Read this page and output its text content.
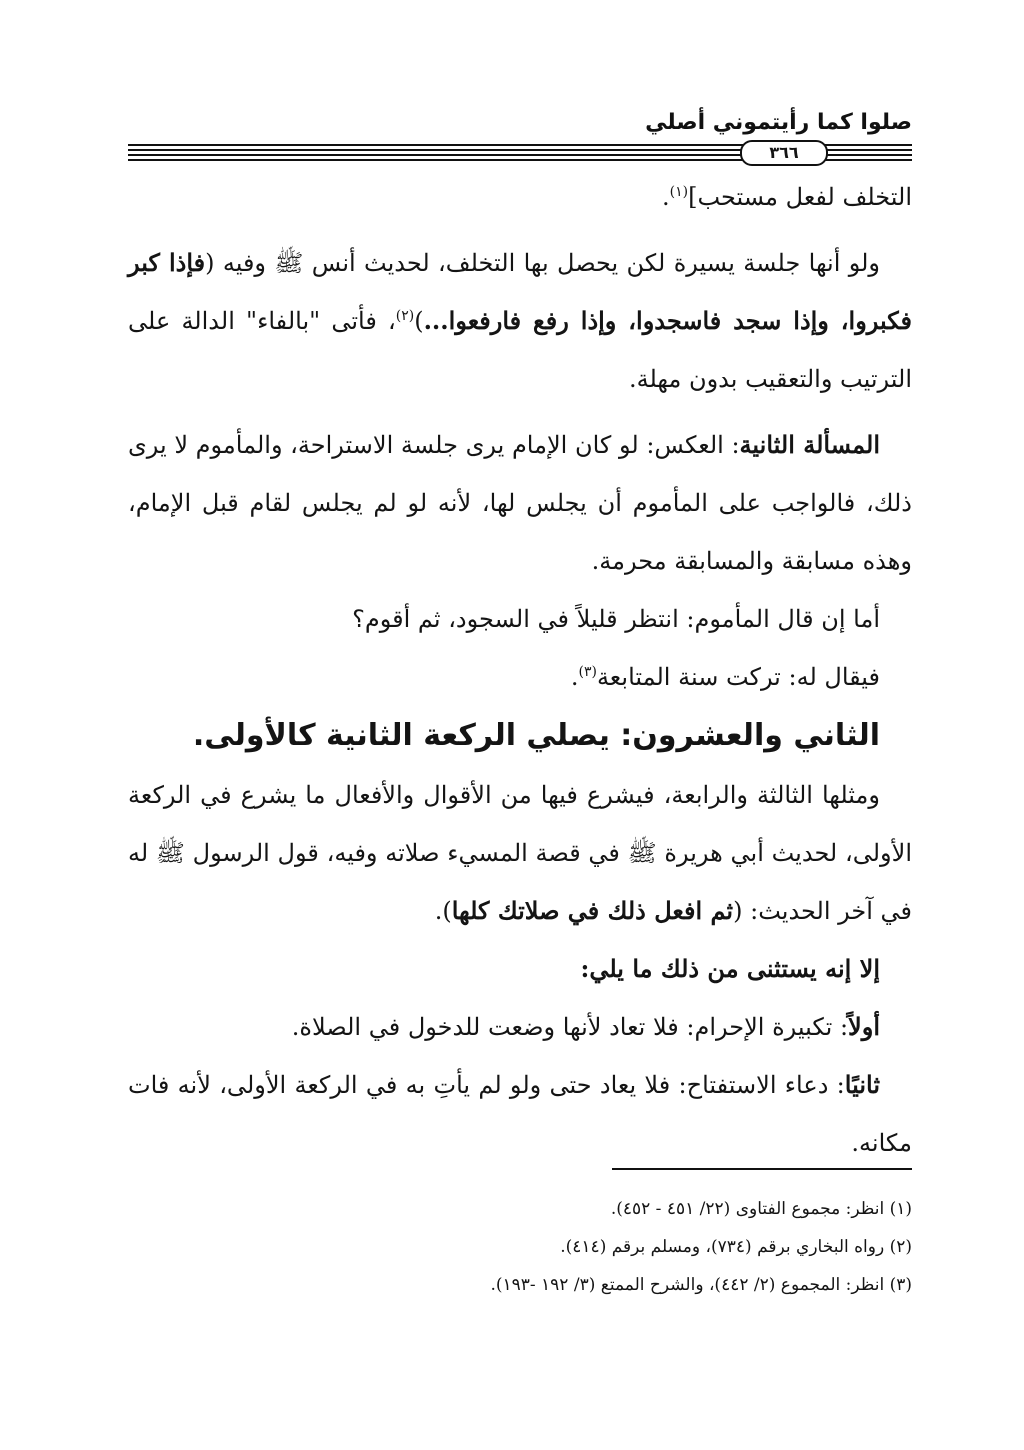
صلوا كما رأيتموني أصلي
٣٦٦

التخلف لفعل مستحب]$^{(١)}$.

ولو أنها جلسة يسيرة لكن يحصل بها التخلف، لحديث أنس ﷺ وفيه (فإذا كبر فكبروا، وإذا سجد فاسجدوا، وإذا رفع فارفعوا...)$^{(٢)}$، فأتى "بالفاء" الدالة على الترتيب والتعقيب بدون مهلة.

المسألة الثانية: العكس: لو كان الإمام يرى جلسة الاستراحة، والمأموم لا يرى ذلك، فالواجب على المأموم أن يجلس لها، لأنه لو لم يجلس لقام قبل الإمام، وهذه مسابقة والمسابقة محرمة.

أما إن قال المأموم: انتظر قليلاً في السجود، ثم أقوم؟

فيقال له: تركت سنة المتابعة$^{(٣)}$.

الثاني والعشرون: يصلي الركعة الثانية كالأولى.

ومثلها الثالثة والرابعة، فيشرع فيها من الأقوال والأفعال ما يشرع في الركعة الأولى، لحديث أبي هريرة ﷺ في قصة المسيء صلاته وفيه، قول الرسول ﷺ له في آخر الحديث: (ثم افعل ذلك في صلاتك كلها).

إلا إنه يستثنى من ذلك ما يلي:

أولاً: تكبيرة الإحرام: فلا تعاد لأنها وضعت للدخول في الصلاة.

ثانيًا: دعاء الاستفتاح: فلا يعاد حتى ولو لم يأتِ به في الركعة الأولى، لأنه فات مكانه.

(١) انظر: مجموع الفتاوى (٢٢/ ٤٥١ - ٤٥٢).

(٢) رواه البخاري برقم (٧٣٤)، ومسلم برقم (٤١٤).

(٣) انظر: المجموع (٢/ ٤٤٢)، والشرح الممتع (٣/ ١٩٢ -١٩٣).
